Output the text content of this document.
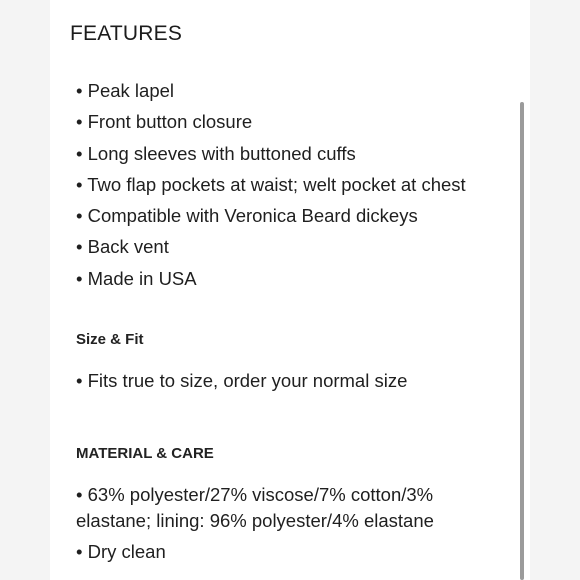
FEATURES
• Peak lapel
• Front button closure
• Long sleeves with buttoned cuffs
• Two flap pockets at waist; welt pocket at chest
• Compatible with Veronica Beard dickeys
• Back vent
• Made in USA
Size & Fit
• Fits true to size, order your normal size
MATERIAL & CARE
• 63% polyester/27% viscose/7% cotton/3% elastane; lining: 96% polyester/4% elastane
• Dry clean
